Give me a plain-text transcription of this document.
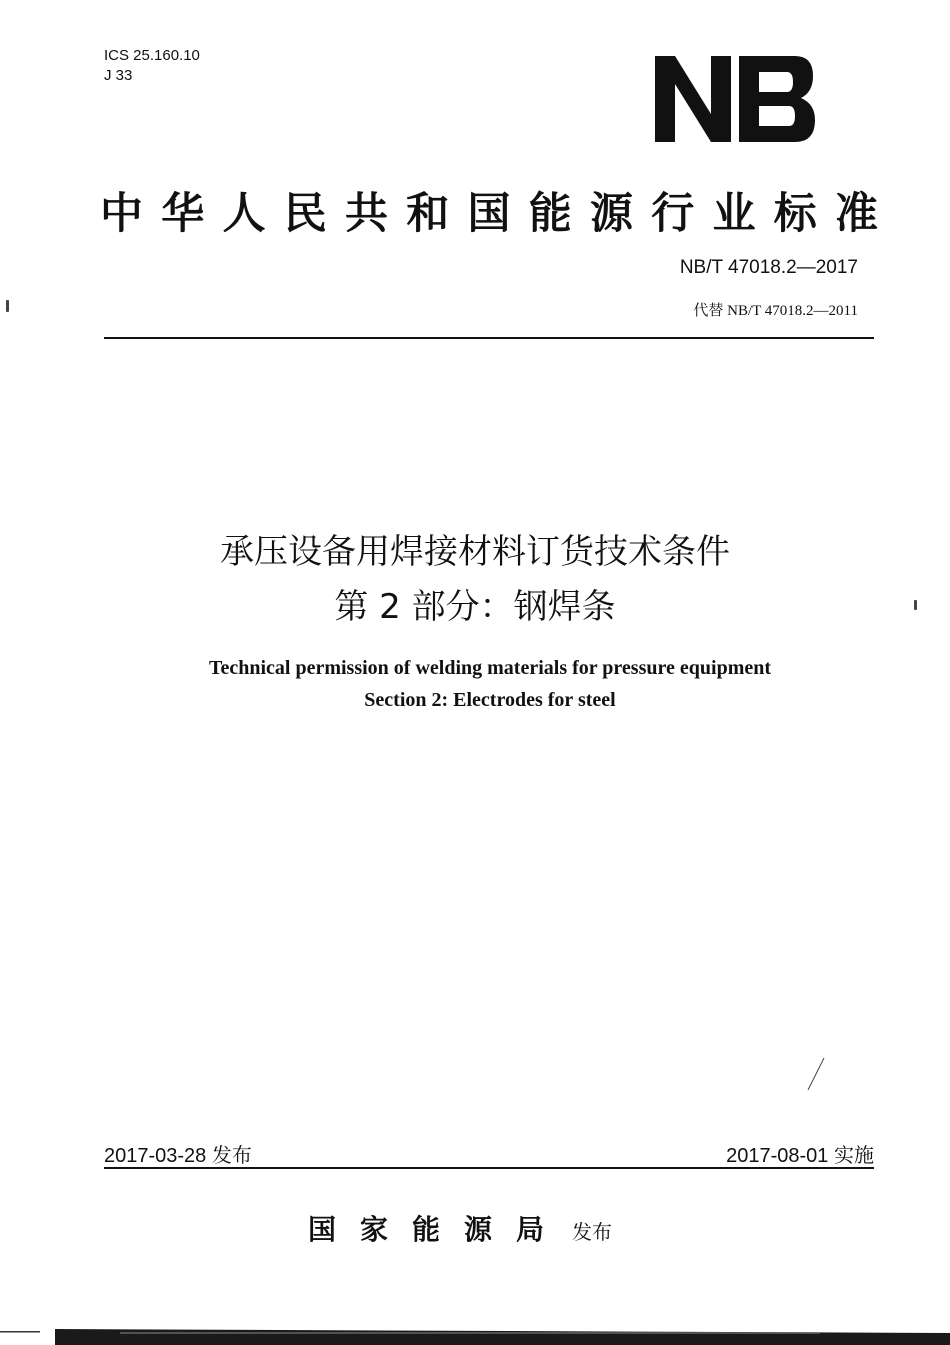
ICS 25.160.10
J 33
中华人民共和国能源行业标准
NB/T 47018.2—2017
代替 NB/T 47018.2—2011
承压设备用焊接材料订货技术条件
第 2 部分：钢焊条
Technical permission of welding materials for pressure equipment
Section 2: Electrodes for steel
2017-03-28 发布	2017-08-01 实施
国家能源局 发布
